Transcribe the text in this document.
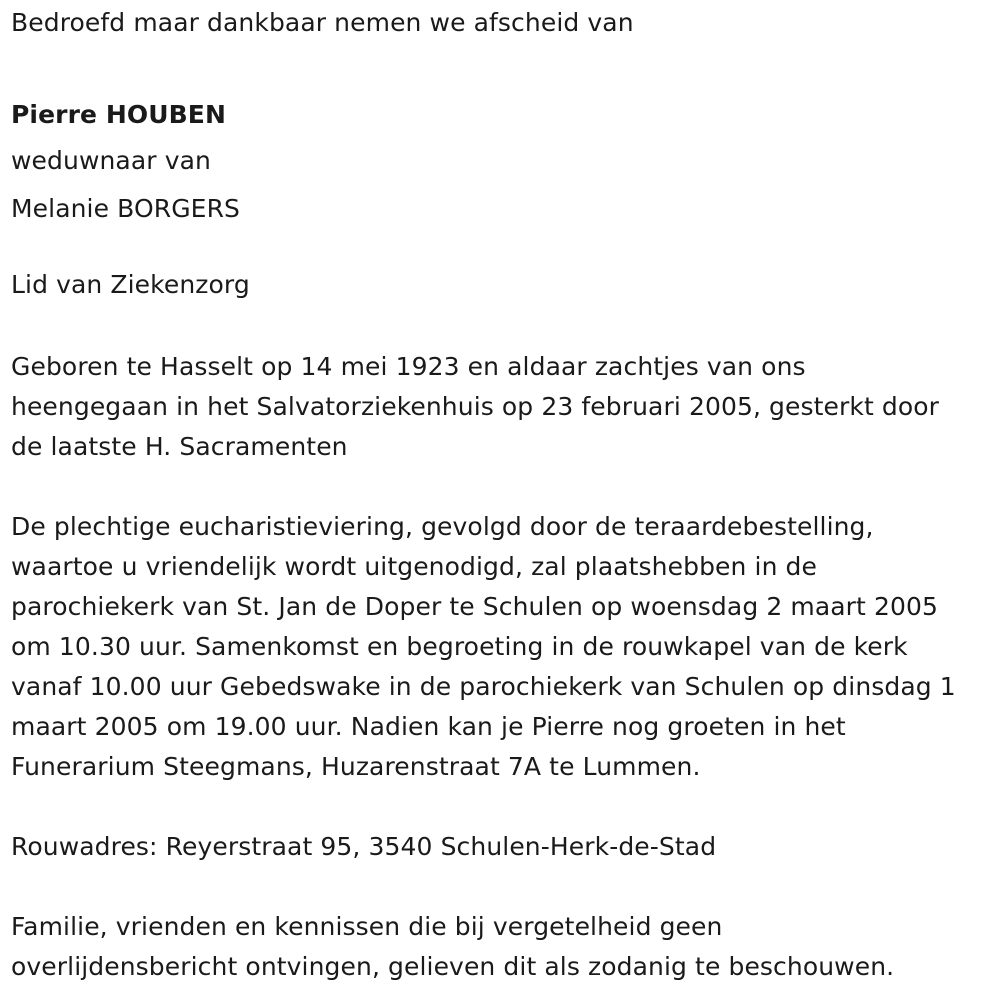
Bedroefd maar dankbaar nemen we afscheid van
Pierre HOUBEN
weduwnaar van
Melanie BORGERS
Lid van Ziekenzorg
Geboren te Hasselt op 14 mei 1923 en aldaar zachtjes van ons
heengegaan in het Salvatorziekenhuis op 23 februari 2005, gesterkt door
de laatste H. Sacramenten
De plechtige eucharistieviering, gevolgd door de teraardebestelling,
waartoe u vriendelijk wordt uitgenodigd, zal plaatshebben in de
parochiekerk van St. Jan de Doper te Schulen op woensdag 2 maart 2005
om 10.30 uur. Samenkomst en begroeting in de rouwkapel van de kerk
vanaf 10.00 uur Gebedswake in de parochiekerk van Schulen op dinsdag 1
maart 2005 om 19.00 uur. Nadien kan je Pierre nog groeten in het
Funerarium Steegmans, Huzarenstraat 7A te Lummen.
Rouwadres: Reyerstraat 95, 3540 Schulen-Herk-de-Stad
Familie, vrienden en kennissen die bij vergetelheid geen
overlijdensbericht ontvingen, gelieven dit als zodanig te beschouwen.
